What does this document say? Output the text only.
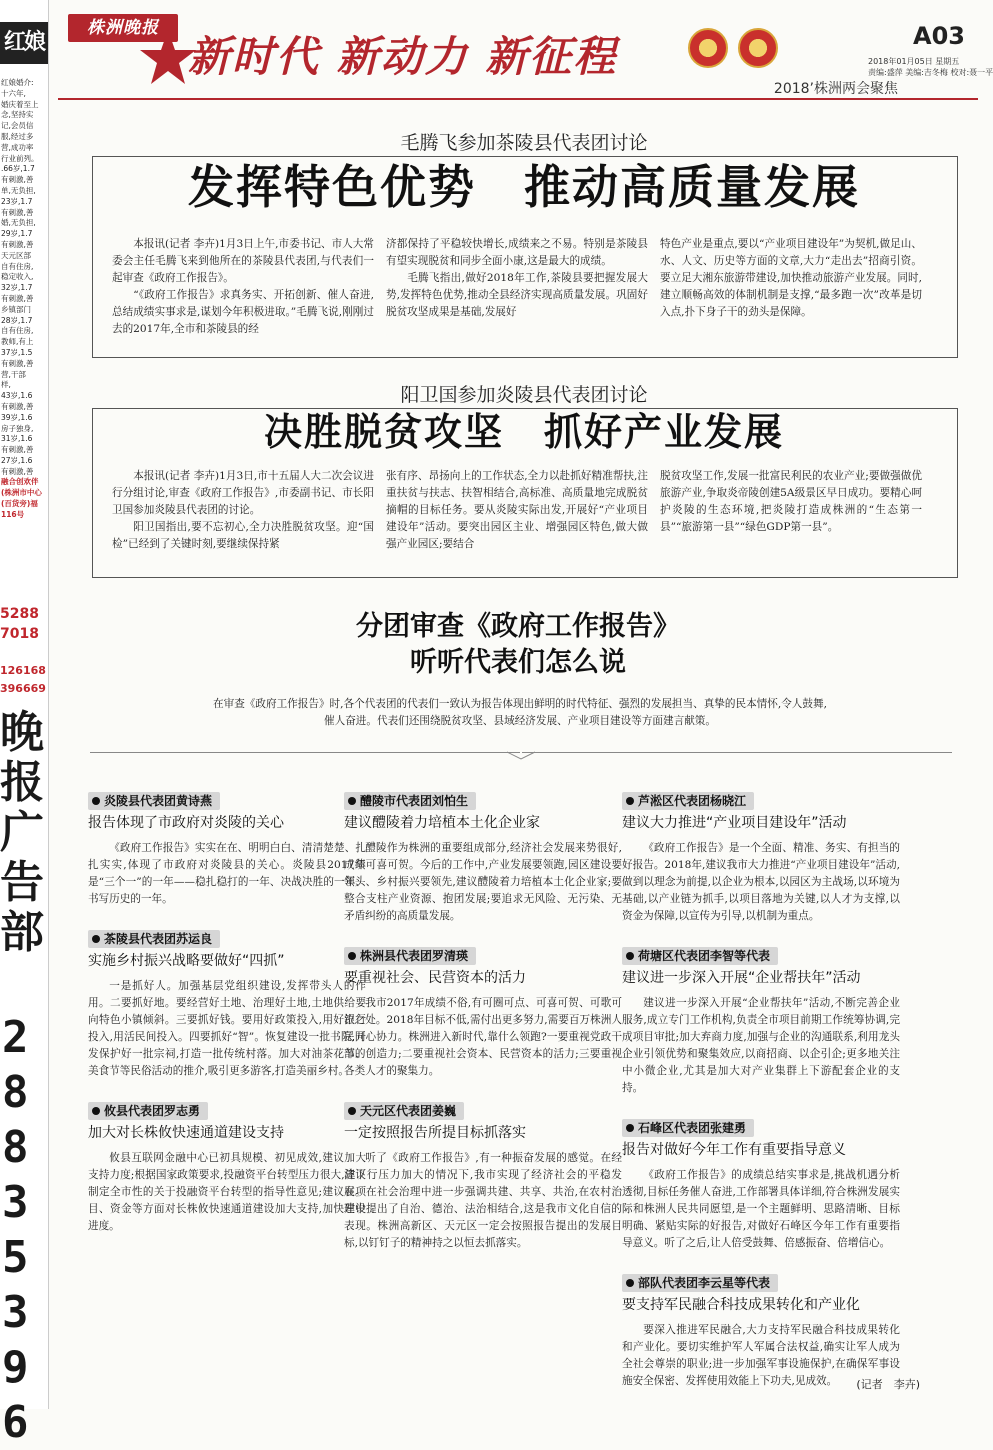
红娘
红娘婚介:
十六年,
婚庆着至上
念,坚持实
记,会员信
服,经过多
营,成功率
行业前列。
.66岁,1.7
有刺激,善
单,无负担,
23岁,1.7
有刺激,善
婚,无负担,
29岁,1.7
有刺激,善
天元区部
自有住房,
稳定收入,
32岁,1.7
有刺激,善
乡镇部门
28岁,1.7
自有住房,
教师,有上
37岁,1.5
有刺激,善
营,干部
样,
43岁,1.6
有刺激,善
39岁,1.6
房子独身,
31岁,1.6
有刺激,善
27岁,1.6
有刺激,善
融合创欢伴
(株洲市中心
(百货旁)福
116号
5288
7018
126168
396669
晚报广告部
28835396
株洲晚报
新时代 新动力 新征程
2018’株洲两会聚焦
A03
2018年01月05日 星期五
责编:盛萍 美编:吉冬梅 校对:聂一平
毛腾飞参加茶陵县代表团讨论
发挥特色优势　推动高质量发展

本报讯(记者 李卉)1月3日上午,市委书记、市人大常委会主任毛腾飞来到他所在的茶陵县代表团,与代表们一起审查《政府工作报告》。

“《政府工作报告》求真务实、开拓创新、催人奋进,总结成绩实事求是,谋划今年积极进取。”毛腾飞说,刚刚过去的2017年,全市和茶陵县的经

济都保持了平稳较快增长,成绩来之不易。特别是茶陵县有望实现脱贫和同步全面小康,这是最大的成绩。

毛腾飞指出,做好2018年工作,茶陵县要把握发展大势,发挥特色优势,推动全县经济实现高质量发展。巩固好脱贫攻坚成果是基础,发展好

特色产业是重点,要以“产业项目建设年”为契机,做足山、水、人文、历史等方面的文章,大力“走出去”招商引资。要立足大湘东旅游带建设,加快推动旅游产业发展。同时,建立顺畅高效的体制机制是支撑,“最多跑一次”改革是切入点,扑下身子干的劲头是保障。

阳卫国参加炎陵县代表团讨论
决胜脱贫攻坚　抓好产业发展

本报讯(记者 李卉)1月3日,市十五届人大二次会议进行分组讨论,审查《政府工作报告》,市委副书记、市长阳卫国参加炎陵县代表团的讨论。

阳卫国指出,要不忘初心,全力决胜脱贫攻坚。迎“国检”已经到了关键时刻,要继续保持紧

张有序、昂扬向上的工作状态,全力以赴抓好精准帮扶,注重扶贫与扶志、扶智相结合,高标准、高质量地完成脱贫摘帽的目标任务。要从炎陵实际出发,开展好“产业项目建设年”活动。要突出园区主业、增强园区特色,做大做强产业园区;要结合

脱贫攻坚工作,发展一批富民利民的农业产业;要做强做优旅游产业,争取炎帝陵创建5A级景区早日成功。要精心呵护炎陵的生态环境,把炎陵打造成株洲的“生态第一县”“旅游第一县”“绿色GDP第一县”。

分团审查《政府工作报告》
听听代表们怎么说
在审查《政府工作报告》时,各个代表团的代表们一致认为报告体现出鲜明的时代特征、强烈的发展担当、真挚的民本情怀,令人鼓舞,催人奋进。代表们还围绕脱贫攻坚、县域经济发展、产业项目建设等方面建言献策。
炎陵县代表团黄诗燕
报告体现了市政府对炎陵的关心

《政府工作报告》实实在在、明明白白、清清楚楚、扎扎实实,体现了市政府对炎陵县的关心。炎陵县2017年是“三个一”的一年——稳扎稳打的一年、决战决胜的一年、书写历史的一年。

茶陵县代表团苏运良
实施乡村振兴战略要做好“四抓”

一是抓好人。加强基层党组织建设,发挥带头人的作用。二要抓好地。要经营好土地、治理好土地,土地供给要向特色小镇倾斜。三要抓好钱。要用好政策投入,用好银行投入,用活民间投入。四要抓好“智”。恢复建设一批书院,开发保护好一批宗祠,打造一批传统村落。加大对油茶花节、美食节等民俗活动的推介,吸引更多游客,打造美丽乡村。

攸县代表团罗志勇
加大对长株攸快速通道建设支持

攸县互联网金融中心已初具规模、初见成效,建议加大支持力度;根据国家政策要求,投融资平台转型压力很大,建议制定全市性的关于投融资平台转型的指导性意见;建议在项目、资金等方面对长株攸快速通道建设加大支持,加快建设进度。

醴陵市代表团刘怕生
建议醴陵着力培植本土化企业家

醴陵作为株洲的重要组成部分,经济社会发展来势很好,成绩可喜可贺。今后的工作中,产业发展要领跑,园区建设要领头、乡村振兴要领先,建议醴陵着力培植本土化企业家;要整合支柱产业资源、抱团发展;要追求无风险、无污染、无矛盾纠纷的高质量发展。

株洲县代表团罗清瑛
要重视社会、民营资本的活力

我市2017年成绩不俗,有可圈可点、可喜可贺、可歌可泣之处。2018年目标不低,需付出更多努力,需要百万株洲人民同心协力。株洲进入新时代,靠什么领跑?一要重视党政干部的创造力;二要重视社会资本、民营资本的活力;三要重视各类人才的聚集力。

天元区代表团姜巍
一定按照报告所提目标抓落实

听了《政府工作报告》,有一种振奋发展的感觉。在经济下行压力加大的情况下,我市实现了经济社会的平稳发展。在社会治理中进一步强调共建、共享、共治,在农村治理中提出了自治、德治、法治相结合,这是我市文化自信的表现。株洲高新区、天元区一定会按照报告提出的发展目标,以钉钉子的精神持之以恒去抓落实。

芦淞区代表团杨晓江
建议大力推进“产业项目建设年”活动

《政府工作报告》是一个全面、精准、务实、有担当的好报告。2018年,建议我市大力推进“产业项目建设年”活动,做到以理念为前提,以企业为根本,以园区为主战场,以环境为基础,以产业链为抓手,以项目落地为关键,以人才为支撑,以资金为保障,以宣传为引导,以机制为重点。

荷塘区代表团李智等代表
建议进一步深入开展“企业帮扶年”活动

建议进一步深入开展“企业帮扶年”活动,不断完善企业服务,成立专门工作机构,负责全市项目前期工作统筹协调,完成项目审批;加大弃商力度,加强与企业的沟通联系,利用龙头企业引领优势和聚集效应,以商招商、以企引企;更多地关注中小微企业,尤其是加大对产业集群上下游配套企业的支持。

石峰区代表团张建勇
报告对做好今年工作有重要指导意义

《政府工作报告》的成绩总结实事求是,挑战机遇分析透彻,目标任务催人奋进,工作部署具体详细,符合株洲发展实际和株洲人民共同愿望,是一个主题鲜明、思路清晰、目标明确、紧贴实际的好报告,对做好石峰区今年工作有重要指导意义。听了之后,让人倍受鼓舞、倍感振奋、倍增信心。

部队代表团李云星等代表
要支持军民融合科技成果转化和产业化

要深入推进军民融合,大力支持军民融合科技成果转化和产业化。要切实维护军人军属合法权益,确实让军人成为全社会尊崇的职业;进一步加强军事设施保护,在确保军事设施安全保密、发挥使用效能上下功夫,见成效。	(记者　李卉)
